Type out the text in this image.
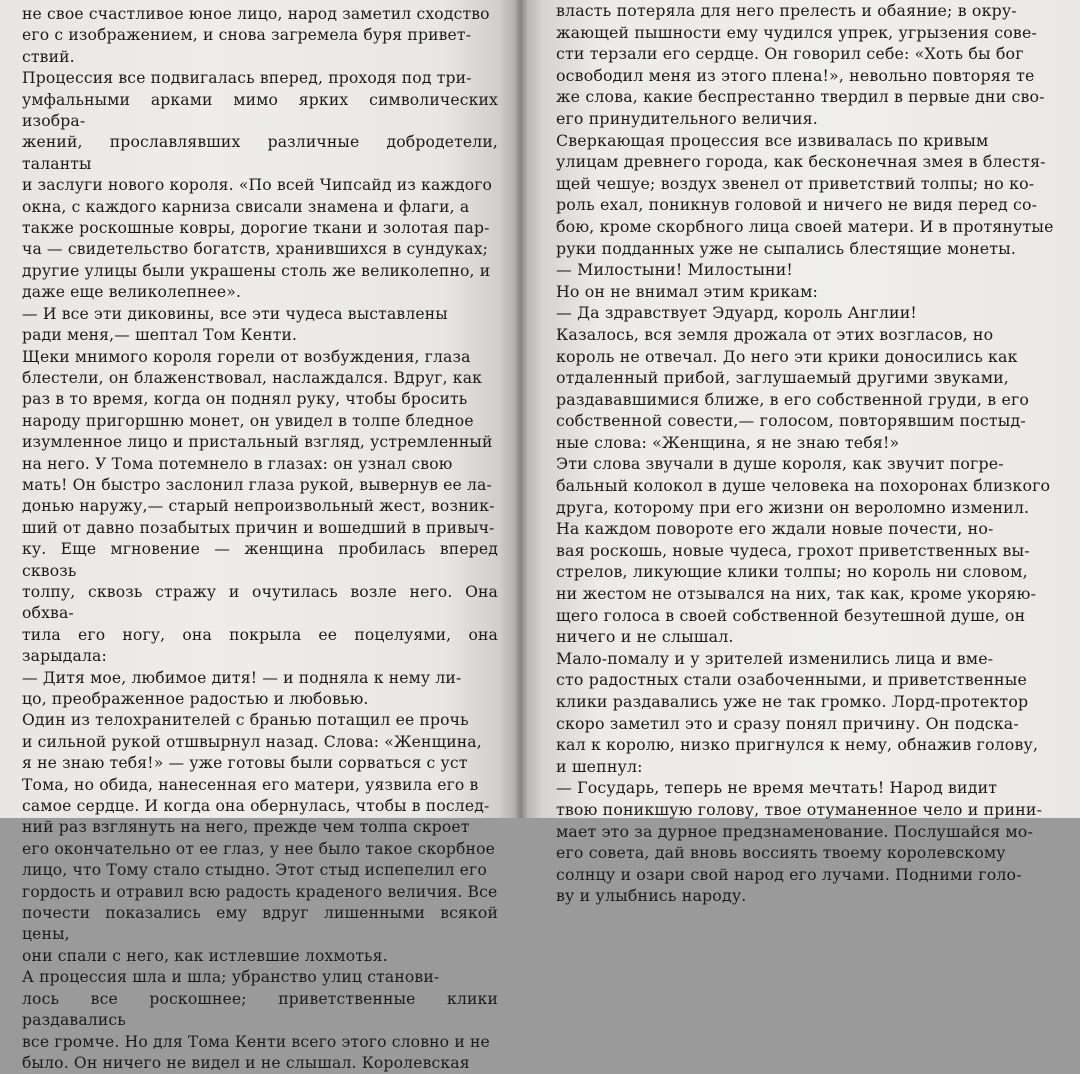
не свое счастливое юное лицо, народ заметил сходство
его с изображением, и снова загремела буря привет-
ствий.

Процессия все подвигалась вперед, проходя под три-
умфальными арками мимо ярких символических изобра-
жений, прославлявших различные добродетели, таланты
и заслуги нового короля. «По всей Чипсайд из каждого
окна, с каждого карниза свисали знамена и флаги, а
также роскошные ковры, дорогие ткани и золотая пар-
ча — свидетельство богатств, хранившихся в сундуках;
другие улицы были украшены столь же великолепно, и
даже еще великолепнее».

— И все эти диковины, все эти чудеса выставлены
ради меня,— шептал Том Кенти.

Щеки мнимого короля горели от возбуждения, глаза
блестели, он блаженствовал, наслаждался. Вдруг, как
раз в то время, когда он поднял руку, чтобы бросить
народу пригоршню монет, он увидел в толпе бледное
изумленное лицо и пристальный взгляд, устремленный
на него. У Тома потемнело в глазах: он узнал свою
мать! Он быстро заслонил глаза рукой, вывернув ее ла-
донью наружу,— старый непроизвольный жест, возник-
ший от давно позабытых причин и вошедший в привыч-
ку. Еще мгновение — женщина пробилась вперед сквозь
толпу, сквозь стражу и очутилась возле него. Она обхва-
тила его ногу, она покрыла ее поцелуями, она зарыдала:

— Дитя мое, любимое дитя! — и подняла к нему ли-
цо, преображенное радостью и любовью.

Один из телохранителей с бранью потащил ее прочь
и сильной рукой отшвырнул назад. Слова: «Женщина,
я не знаю тебя!» — уже готовы были сорваться с уст
Тома, но обида, нанесенная его матери, уязвила его в
самое сердце. И когда она обернулась, чтобы в послед-
ний раз взглянуть на него, прежде чем толпа скроет
его окончательно от ее глаз, у нее было такое скорбное
лицо, что Тому стало стыдно. Этот стыд испепелил его
гордость и отравил всю радость краденого величия. Все
почести показались ему вдруг лишенными всякой цены,
они спали с него, как истлевшие лохмотья.

А процессия шла и шла; убранство улиц станови-
лось все роскошнее; приветственные клики раздавались
все громче. Но для Тома Кенти всего этого словно и не
было. Он ничего не видел и не слышал. Королевская

власть потеряла для него прелесть и обаяние; в окру-
жающей пышности ему чудился упрек, угрызения сове-
сти терзали его сердце. Он говорил себе: «Хоть бы бог
освободил меня из этого плена!», невольно повторяя те
же слова, какие беспрестанно твердил в первые дни сво-
его принудительного величия.

Сверкающая процессия все извивалась по кривым
улицам древнего города, как бесконечная змея в блестя-
щей чешуе; воздух звенел от приветствий толпы; но ко-
роль ехал, поникнув головой и ничего не видя перед со-
бою, кроме скорбного лица своей матери. И в протянутые
руки подданных уже не сыпались блестящие монеты.

— Милостыни! Милостыни!

Но он не внимал этим крикам:

— Да здравствует Эдуард, король Англии!

Казалось, вся земля дрожала от этих возгласов, но
король не отвечал. До него эти крики доносились как
отдаленный прибой, заглушаемый другими звуками,
раздававшимися ближе, в его собственной груди, в его
собственной совести,— голосом, повторявшим постыд-
ные слова: «Женщина, я не знаю тебя!»

Эти слова звучали в душе короля, как звучит погре-
бальный колокол в душе человека на похоронах близкого
друга, которому при его жизни он вероломно изменил.

На каждом повороте его ждали новые почести, но-
вая роскошь, новые чудеса, грохот приветственных вы-
стрелов, ликующие клики толпы; но король ни словом,
ни жестом не отзывался на них, так как, кроме укоряю-
щего голоса в своей собственной безутешной душе, он
ничего и не слышал.

Мало-помалу и у зрителей изменились лица и вме-
сто радостных стали озабоченными, и приветственные
клики раздавались уже не так громко. Лорд-протектор
скоро заметил это и сразу понял причину. Он подска-
кал к королю, низко пригнулся к нему, обнажив голову,
и шепнул:

— Государь, теперь не время мечтать! Народ видит
твою поникшую голову, твое отуманенное чело и прини-
мает это за дурное предзнаменование. Послушайся мо-
его совета, дай вновь воссиять твоему королевскому
солнцу и озари свой народ его лучами. Подними голо-
ву и улыбнись народу.
